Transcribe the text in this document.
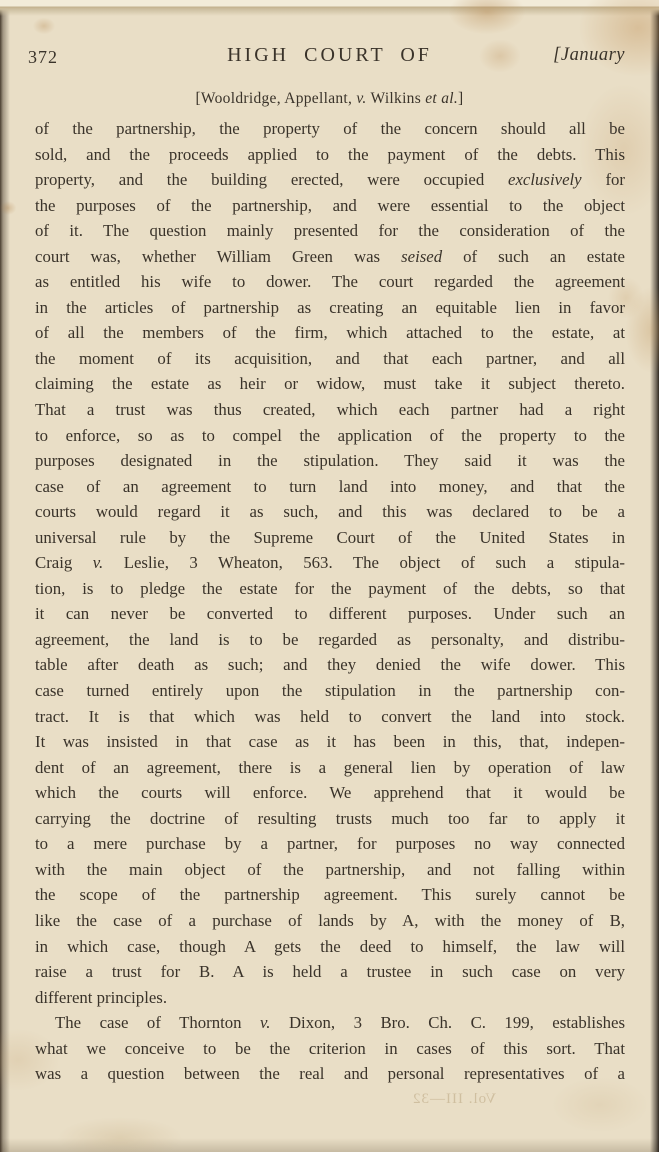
372	HIGH COURT OF	[January
[Wooldridge, Appellant, v. Wilkins et al.]
of the partnership, the property of the concern should all be
sold, and the proceeds applied to the payment of the debts. This
property, and the building erected, were occupied exclusively for
the purposes of the partnership, and were essential to the object
of it. The question mainly presented for the consideration of the
court was, whether William Green was seised of such an estate
as entitled his wife to dower. The court regarded the agreement
in the articles of partnership as creating an equitable lien in favor
of all the members of the firm, which attached to the estate, at
the moment of its acquisition, and that each partner, and all
claiming the estate as heir or widow, must take it subject thereto.
That a trust was thus created, which each partner had a right
to enforce, so as to compel the application of the property to the
purposes designated in the stipulation. They said it was the
case of an agreement to turn land into money, and that the
courts would regard it as such, and this was declared to be a
universal rule by the Supreme Court of the United States in
Craig v. Leslie, 3 Wheaton, 563. The object of such a stipula-
tion, is to pledge the estate for the payment of the debts, so that
it can never be converted to different purposes. Under such an
agreement, the land is to be regarded as personalty, and distribu-
table after death as such; and they denied the wife dower. This
case turned entirely upon the stipulation in the partnership con-
tract. It is that which was held to convert the land into stock.
It was insisted in that case as it has been in this, that, indepen-
dent of an agreement, there is a general lien by operation of law
which the courts will enforce. We apprehend that it would be
carrying the doctrine of resulting trusts much too far to apply it
to a mere purchase by a partner, for purposes no way connected
with the main object of the partnership, and not falling within
the scope of the partnership agreement. This surely cannot be
like the case of a purchase of lands by A, with the money of B,
in which case, though A gets the deed to himself, the law will
raise a trust for B. A is held a trustee in such case on very
different principles.
The case of Thornton v. Dixon, 3 Bro. Ch. C. 199, establishes
what we conceive to be the criterion in cases of this sort. That
was a question between the real and personal representatives of a
Vol. III—32
